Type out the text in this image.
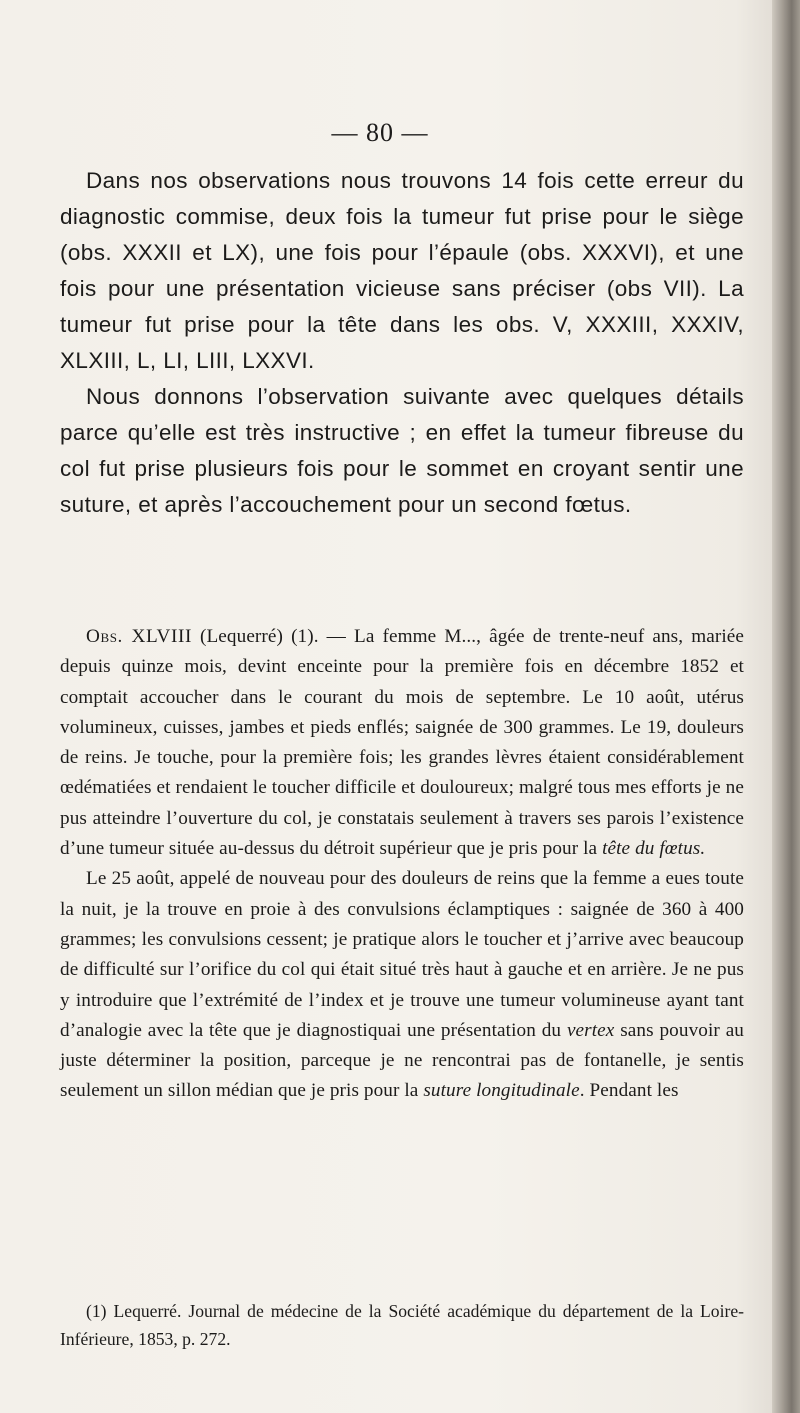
— 80 —

Dans nos observations nous trouvons 14 fois cette erreur du diagnostic commise, deux fois la tumeur fut prise pour le siège (obs. XXXII et LX), une fois pour l’épaule (obs. XXXVI), et une fois pour une présentation vicieuse sans préciser (obs VII). La tumeur fut prise pour la tête dans les obs. V, XXXIII, XXXIV, XLXIII, L, LI, LIII, LXXVI.

Nous donnons l’observation suivante avec quelques détails parce qu’elle est très instructive ; en effet la tumeur fibreuse du col fut prise plusieurs fois pour le sommet en croyant sentir une suture, et après l’accouchement pour un second fœtus.

Obs. XLVIII (Lequerré) (1). — La femme M..., âgée de trente-neuf ans, mariée depuis quinze mois, devint enceinte pour la première fois en décembre 1852 et comptait accoucher dans le courant du mois de septembre. Le 10 août, utérus volumineux, cuisses, jambes et pieds enflés; saignée de 300 grammes. Le 19, douleurs de reins. Je touche, pour la première fois; les grandes lèvres étaient considérablement œdématiées et rendaient le toucher difficile et douloureux; malgré tous mes efforts je ne pus atteindre l’ouverture du col, je constatais seulement à travers ses parois l’existence d’une tumeur située au-dessus du détroit supérieur que je pris pour la tête du fœtus.

Le 25 août, appelé de nouveau pour des douleurs de reins que la femme a eues toute la nuit, je la trouve en proie à des convulsions éclamptiques : saignée de 360 à 400 grammes; les convulsions cessent; je pratique alors le toucher et j’arrive avec beaucoup de difficulté sur l’orifice du col qui était situé très haut à gauche et en arrière. Je ne pus y introduire que l’extrémité de l’index et je trouve une tumeur volumineuse ayant tant d’analogie avec la tête que je diagnostiquai une présentation du vertex sans pouvoir au juste déterminer la position, parceque je ne rencontrai pas de fontanelle, je sentis seulement un sillon médian que je pris pour la suture longitudinale. Pendant les

(1) Lequerré. Journal de médecine de la Société académique du département de la Loire-Inférieure, 1853, p. 272.
